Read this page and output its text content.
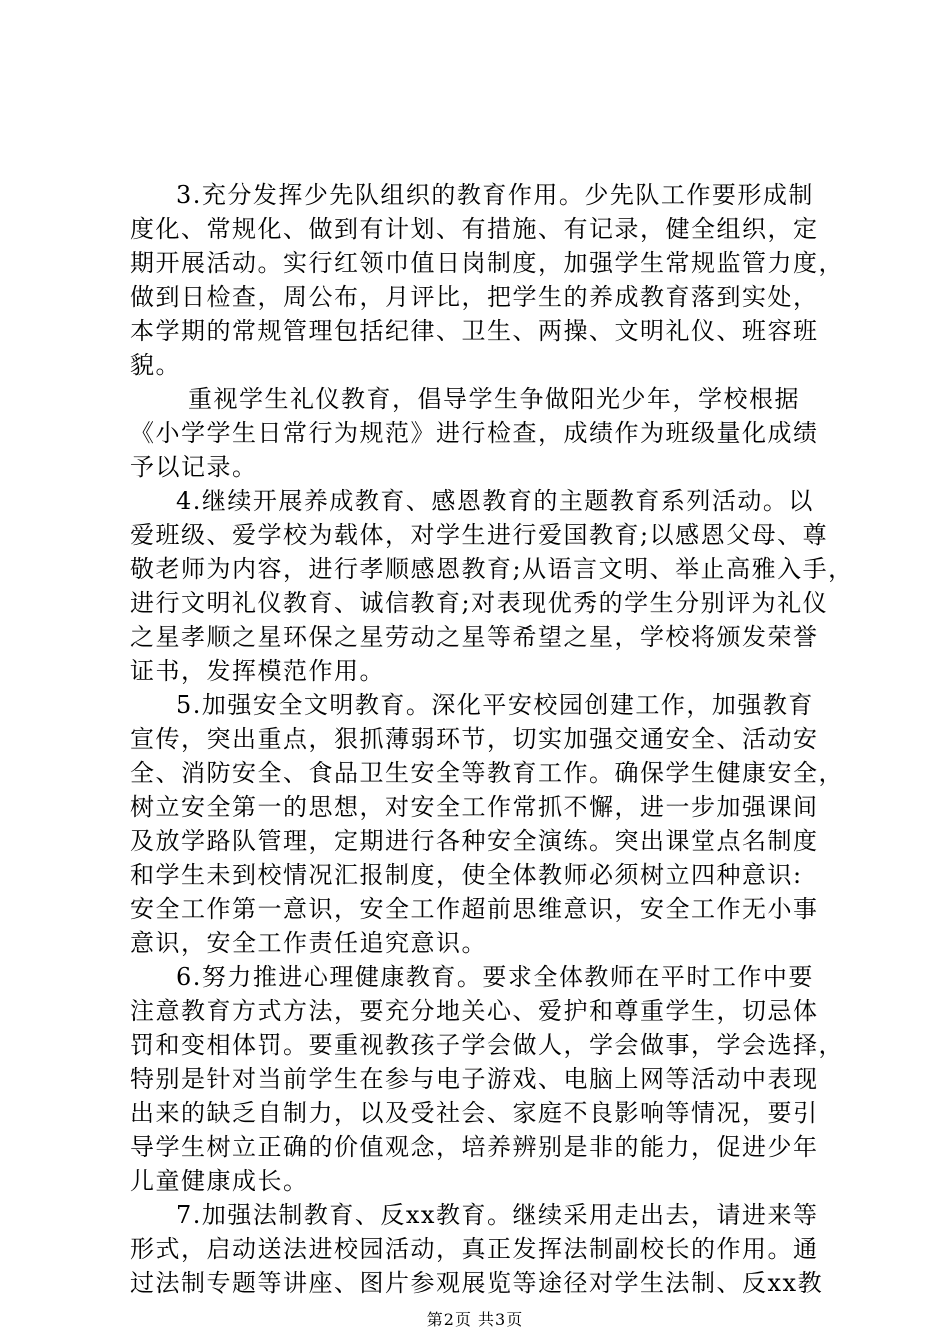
3.充分发挥少先队组织的教育作用。少先队工作要形成制
度化、常规化、做到有计划、有措施、有记录，健全组织，定
期开展活动。实行红领巾值日岗制度，加强学生常规监管力度，
做到日检查，周公布，月评比，把学生的养成教育落到实处，
本学期的常规管理包括纪律、卫生、两操、文明礼仪、班容班
貌。
重视学生礼仪教育，倡导学生争做阳光少年，学校根据
《小学学生日常行为规范》进行检查，成绩作为班级量化成绩
予以记录。
4.继续开展养成教育、感恩教育的主题教育系列活动。以
爱班级、爱学校为载体，对学生进行爱国教育;以感恩父母、尊
敬老师为内容，进行孝顺感恩教育;从语言文明、举止高雅入手，
进行文明礼仪教育、诚信教育;对表现优秀的学生分别评为礼仪
之星孝顺之星环保之星劳动之星等希望之星，学校将颁发荣誉
证书，发挥模范作用。
5.加强安全文明教育。深化平安校园创建工作，加强教育
宣传，突出重点，狠抓薄弱环节，切实加强交通安全、活动安
全、消防安全、食品卫生安全等教育工作。确保学生健康安全，
树立安全第一的思想，对安全工作常抓不懈，进一步加强课间
及放学路队管理，定期进行各种安全演练。突出课堂点名制度
和学生未到校情况汇报制度，使全体教师必须树立四种意识:
安全工作第一意识，安全工作超前思维意识，安全工作无小事
意识，安全工作责任追究意识。
6.努力推进心理健康教育。要求全体教师在平时工作中要
注意教育方式方法，要充分地关心、爱护和尊重学生，切忌体
罚和变相体罚。要重视教孩子学会做人，学会做事，学会选择，
特别是针对当前学生在参与电子游戏、电脑上网等活动中表现
出来的缺乏自制力，以及受社会、家庭不良影响等情况，要引
导学生树立正确的价值观念，培养辨别是非的能力，促进少年
儿童健康成长。
7.加强法制教育、反xx教育。继续采用走出去，请进来等
形式，启动送法进校园活动，真正发挥法制副校长的作用。通
过法制专题等讲座、图片参观展览等途径对学生法制、反xx教
第2页 共3页
